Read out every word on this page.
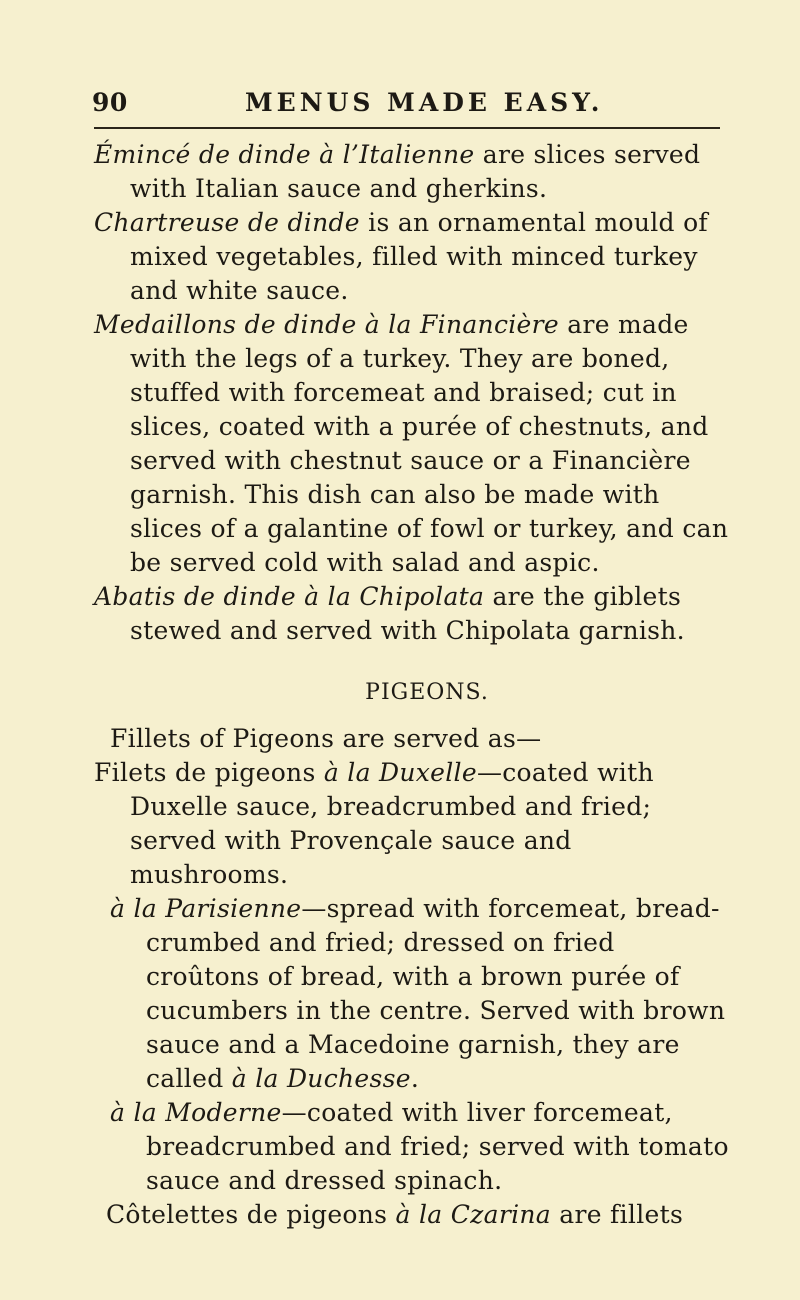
90	MENUS MADE EASY.

Émincé de dinde à l’Italienne are slices served with Italian sauce and gherkins.

Chartreuse de dinde is an ornamental mould of mixed vegetables, filled with minced turkey and white sauce.

Medaillons de dinde à la Financière are made with the legs of a turkey. They are boned, stuffed with forcemeat and braised; cut in slices, coated with a purée of chestnuts, and served with chestnut sauce or a Financière garnish. This dish can also be made with slices of a galantine of fowl or turkey, and can be served cold with salad and aspic.

Abatis de dinde à la Chipolata are the giblets stewed and served with Chipolata garnish.

PIGEONS.

Fillets of Pigeons are served as—

Filets de pigeons à la Duxelle—coated with Duxelle sauce, breadcrumbed and fried; served with Provençale sauce and mushrooms.

à la Parisienne—spread with forcemeat, bread-crumbed and fried; dressed on fried croûtons of bread, with a brown purée of cucumbers in the centre. Served with brown sauce and a Macedoine garnish, they are called à la Duchesse.

à la Moderne—coated with liver forcemeat, breadcrumbed and fried; served with tomato sauce and dressed spinach.

Côtelettes de pigeons à la Czarina are fillets
